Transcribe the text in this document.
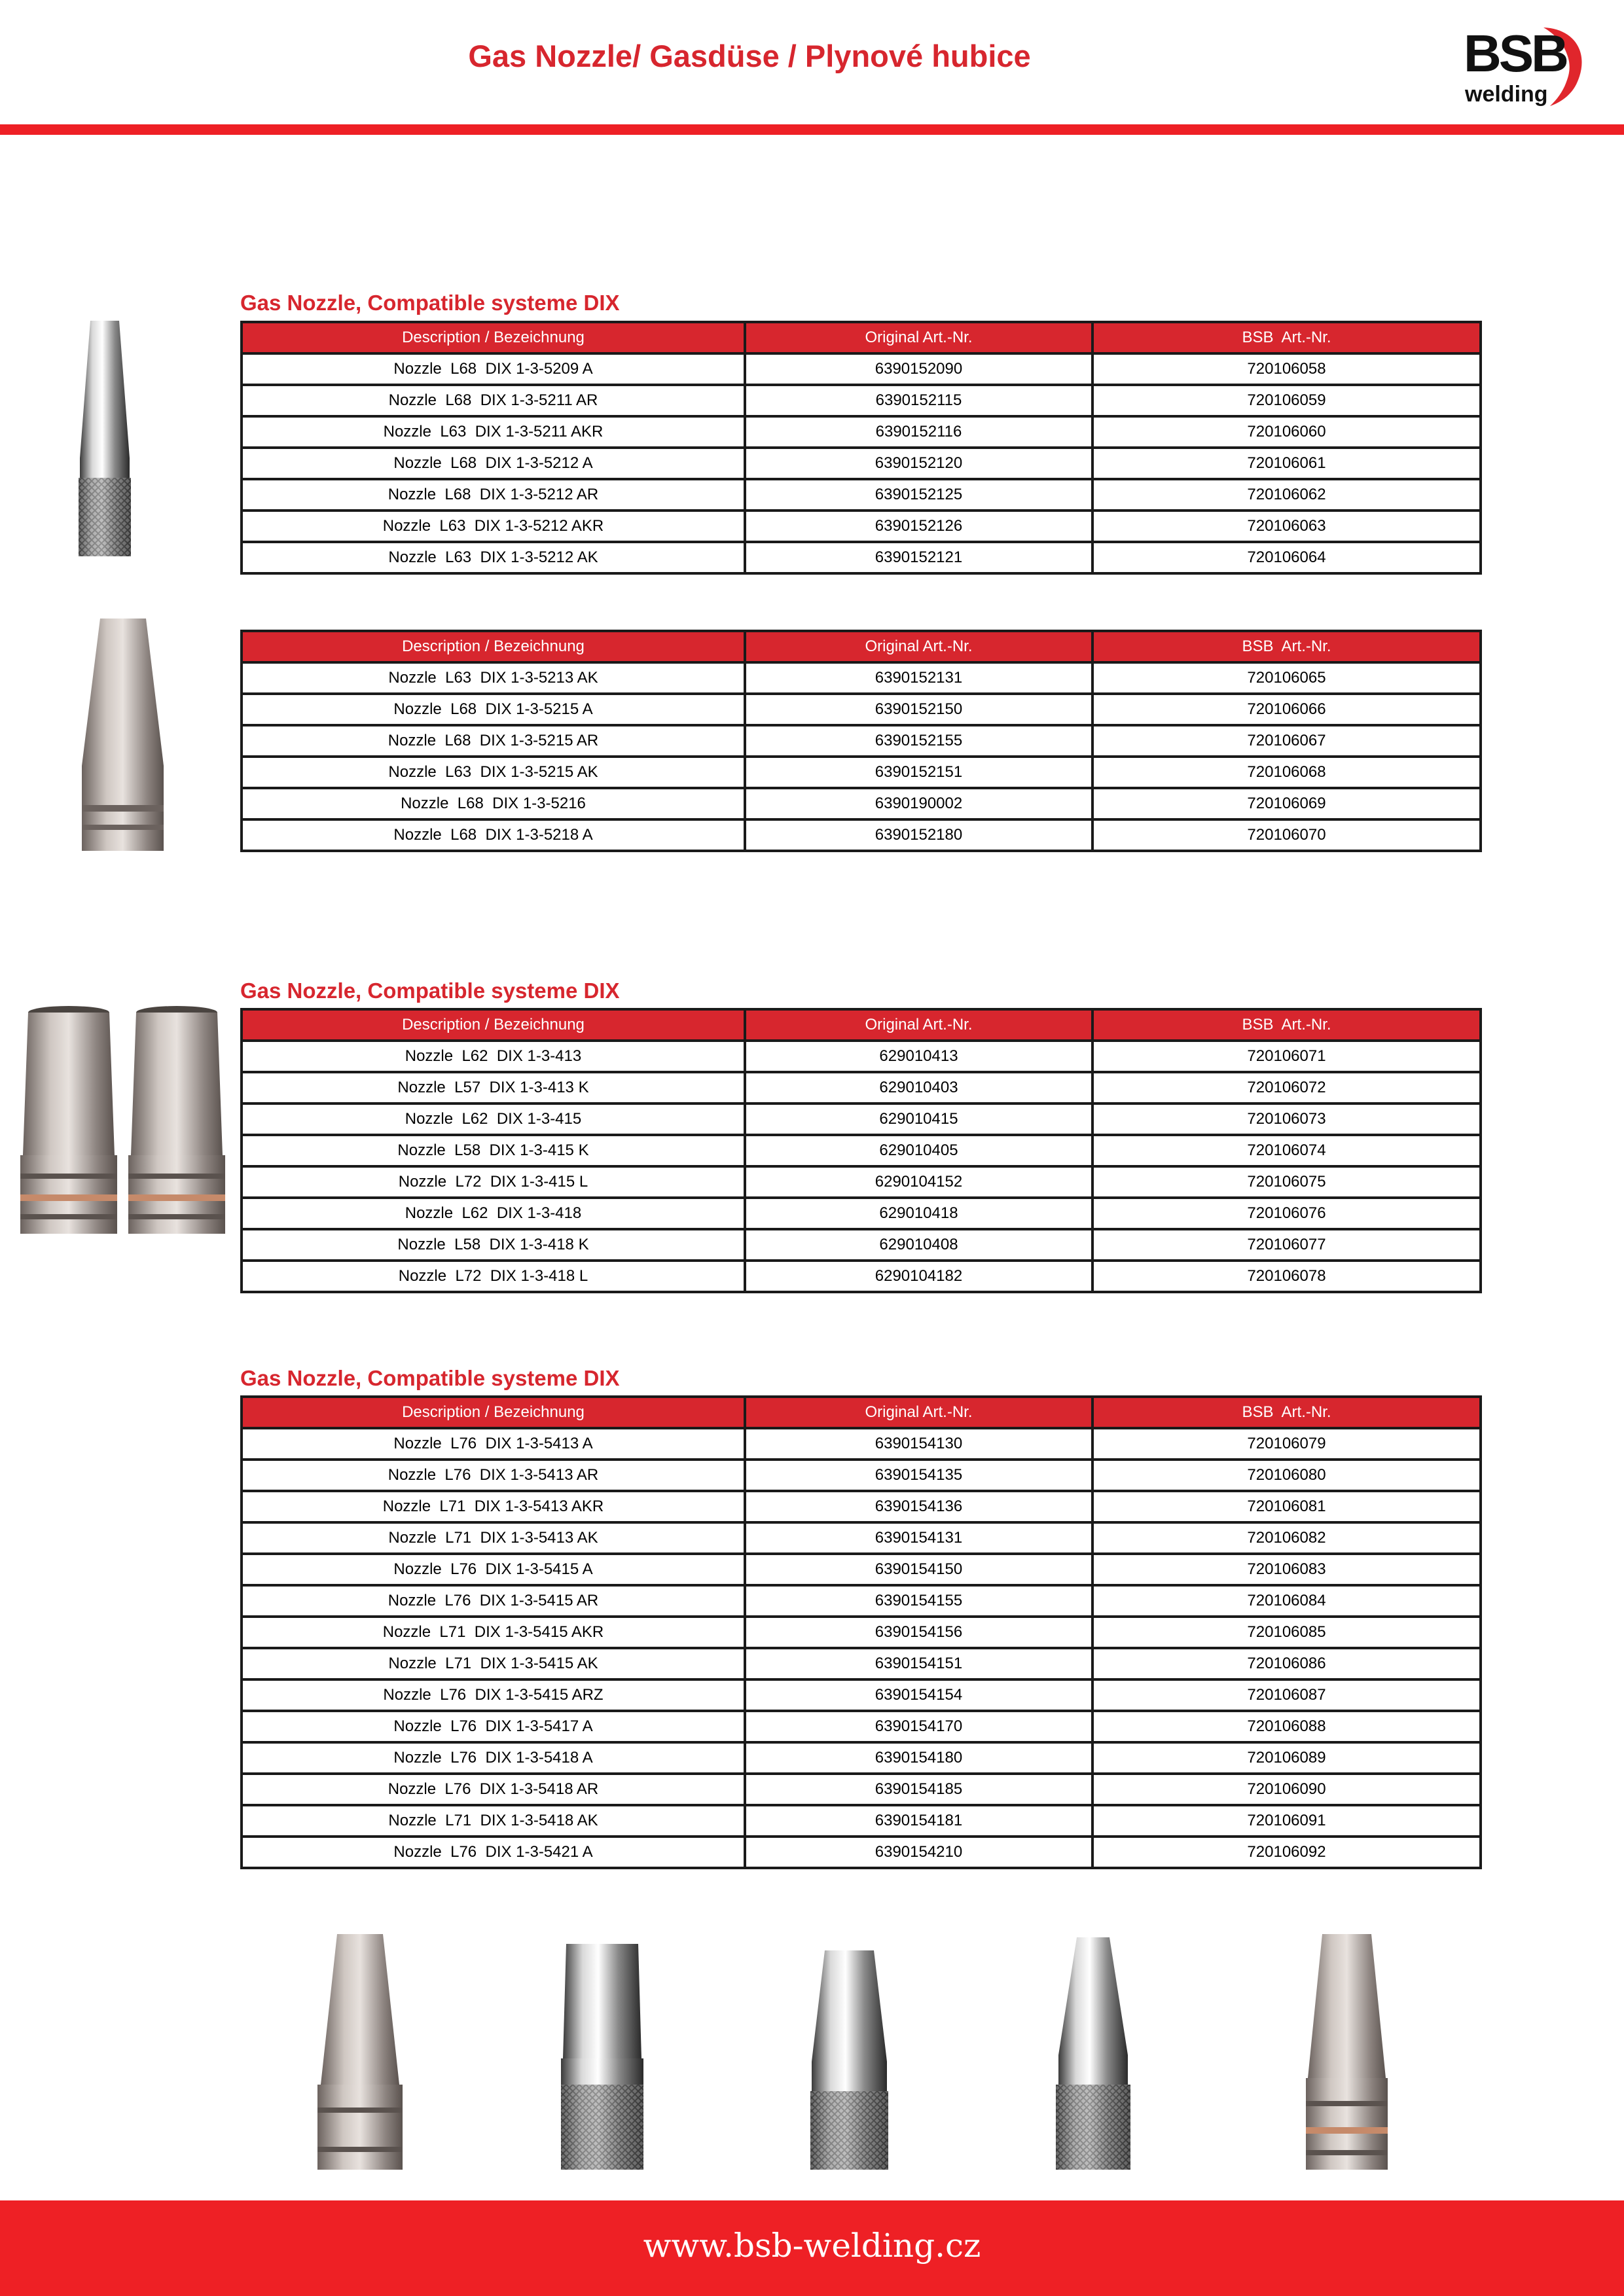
Gas Nozzle/ Gasdüse / Plynové hubice	BSB
welding
Gas Nozzle, Compatible systeme DIX
Description / Bezeichnung	Original Art.-Nr.	BSB  Art.-Nr.
Nozzle  L68  DIX 1-3-5209 A	6390152090	720106058
Nozzle  L68  DIX 1-3-5211 AR	6390152115	720106059
Nozzle  L63  DIX 1-3-5211 AKR	6390152116	720106060
Nozzle  L68  DIX 1-3-5212 A	6390152120	720106061
Nozzle  L68  DIX 1-3-5212 AR	6390152125	720106062
Nozzle  L63  DIX 1-3-5212 AKR	6390152126	720106063
Nozzle  L63  DIX 1-3-5212 AK	6390152121	720106064
Description / Bezeichnung	Original Art.-Nr.	BSB  Art.-Nr.
Nozzle  L63  DIX 1-3-5213 AK	6390152131	720106065
Nozzle  L68  DIX 1-3-5215 A	6390152150	720106066
Nozzle  L68  DIX 1-3-5215 AR	6390152155	720106067
Nozzle  L63  DIX 1-3-5215 AK	6390152151	720106068
Nozzle  L68  DIX 1-3-5216	6390190002	720106069
Nozzle  L68  DIX 1-3-5218 A	6390152180	720106070
Gas Nozzle, Compatible systeme DIX
Description / Bezeichnung	Original Art.-Nr.	BSB  Art.-Nr.
Nozzle  L62  DIX 1-3-413	629010413	720106071
Nozzle  L57  DIX 1-3-413 K	629010403	720106072
Nozzle  L62  DIX 1-3-415	629010415	720106073
Nozzle  L58  DIX 1-3-415 K	629010405	720106074
Nozzle  L72  DIX 1-3-415 L	6290104152	720106075
Nozzle  L62  DIX 1-3-418	629010418	720106076
Nozzle  L58  DIX 1-3-418 K	629010408	720106077
Nozzle  L72  DIX 1-3-418 L	6290104182	720106078
Gas Nozzle, Compatible systeme DIX
Description / Bezeichnung	Original Art.-Nr.	BSB  Art.-Nr.
Nozzle  L76  DIX 1-3-5413 A	6390154130	720106079
Nozzle  L76  DIX 1-3-5413 AR	6390154135	720106080
Nozzle  L71  DIX 1-3-5413 AKR	6390154136	720106081
Nozzle  L71  DIX 1-3-5413 AK	6390154131	720106082
Nozzle  L76  DIX 1-3-5415 A	6390154150	720106083
Nozzle  L76  DIX 1-3-5415 AR	6390154155	720106084
Nozzle  L71  DIX 1-3-5415 AKR	6390154156	720106085
Nozzle  L71  DIX 1-3-5415 AK	6390154151	720106086
Nozzle  L76  DIX 1-3-5415 ARZ	6390154154	720106087
Nozzle  L76  DIX 1-3-5417 A	6390154170	720106088
Nozzle  L76  DIX 1-3-5418 A	6390154180	720106089
Nozzle  L76  DIX 1-3-5418 AR	6390154185	720106090
Nozzle  L71  DIX 1-3-5418 AK	6390154181	720106091
Nozzle  L76  DIX 1-3-5421 A	6390154210	720106092
www.bsb-welding.cz
